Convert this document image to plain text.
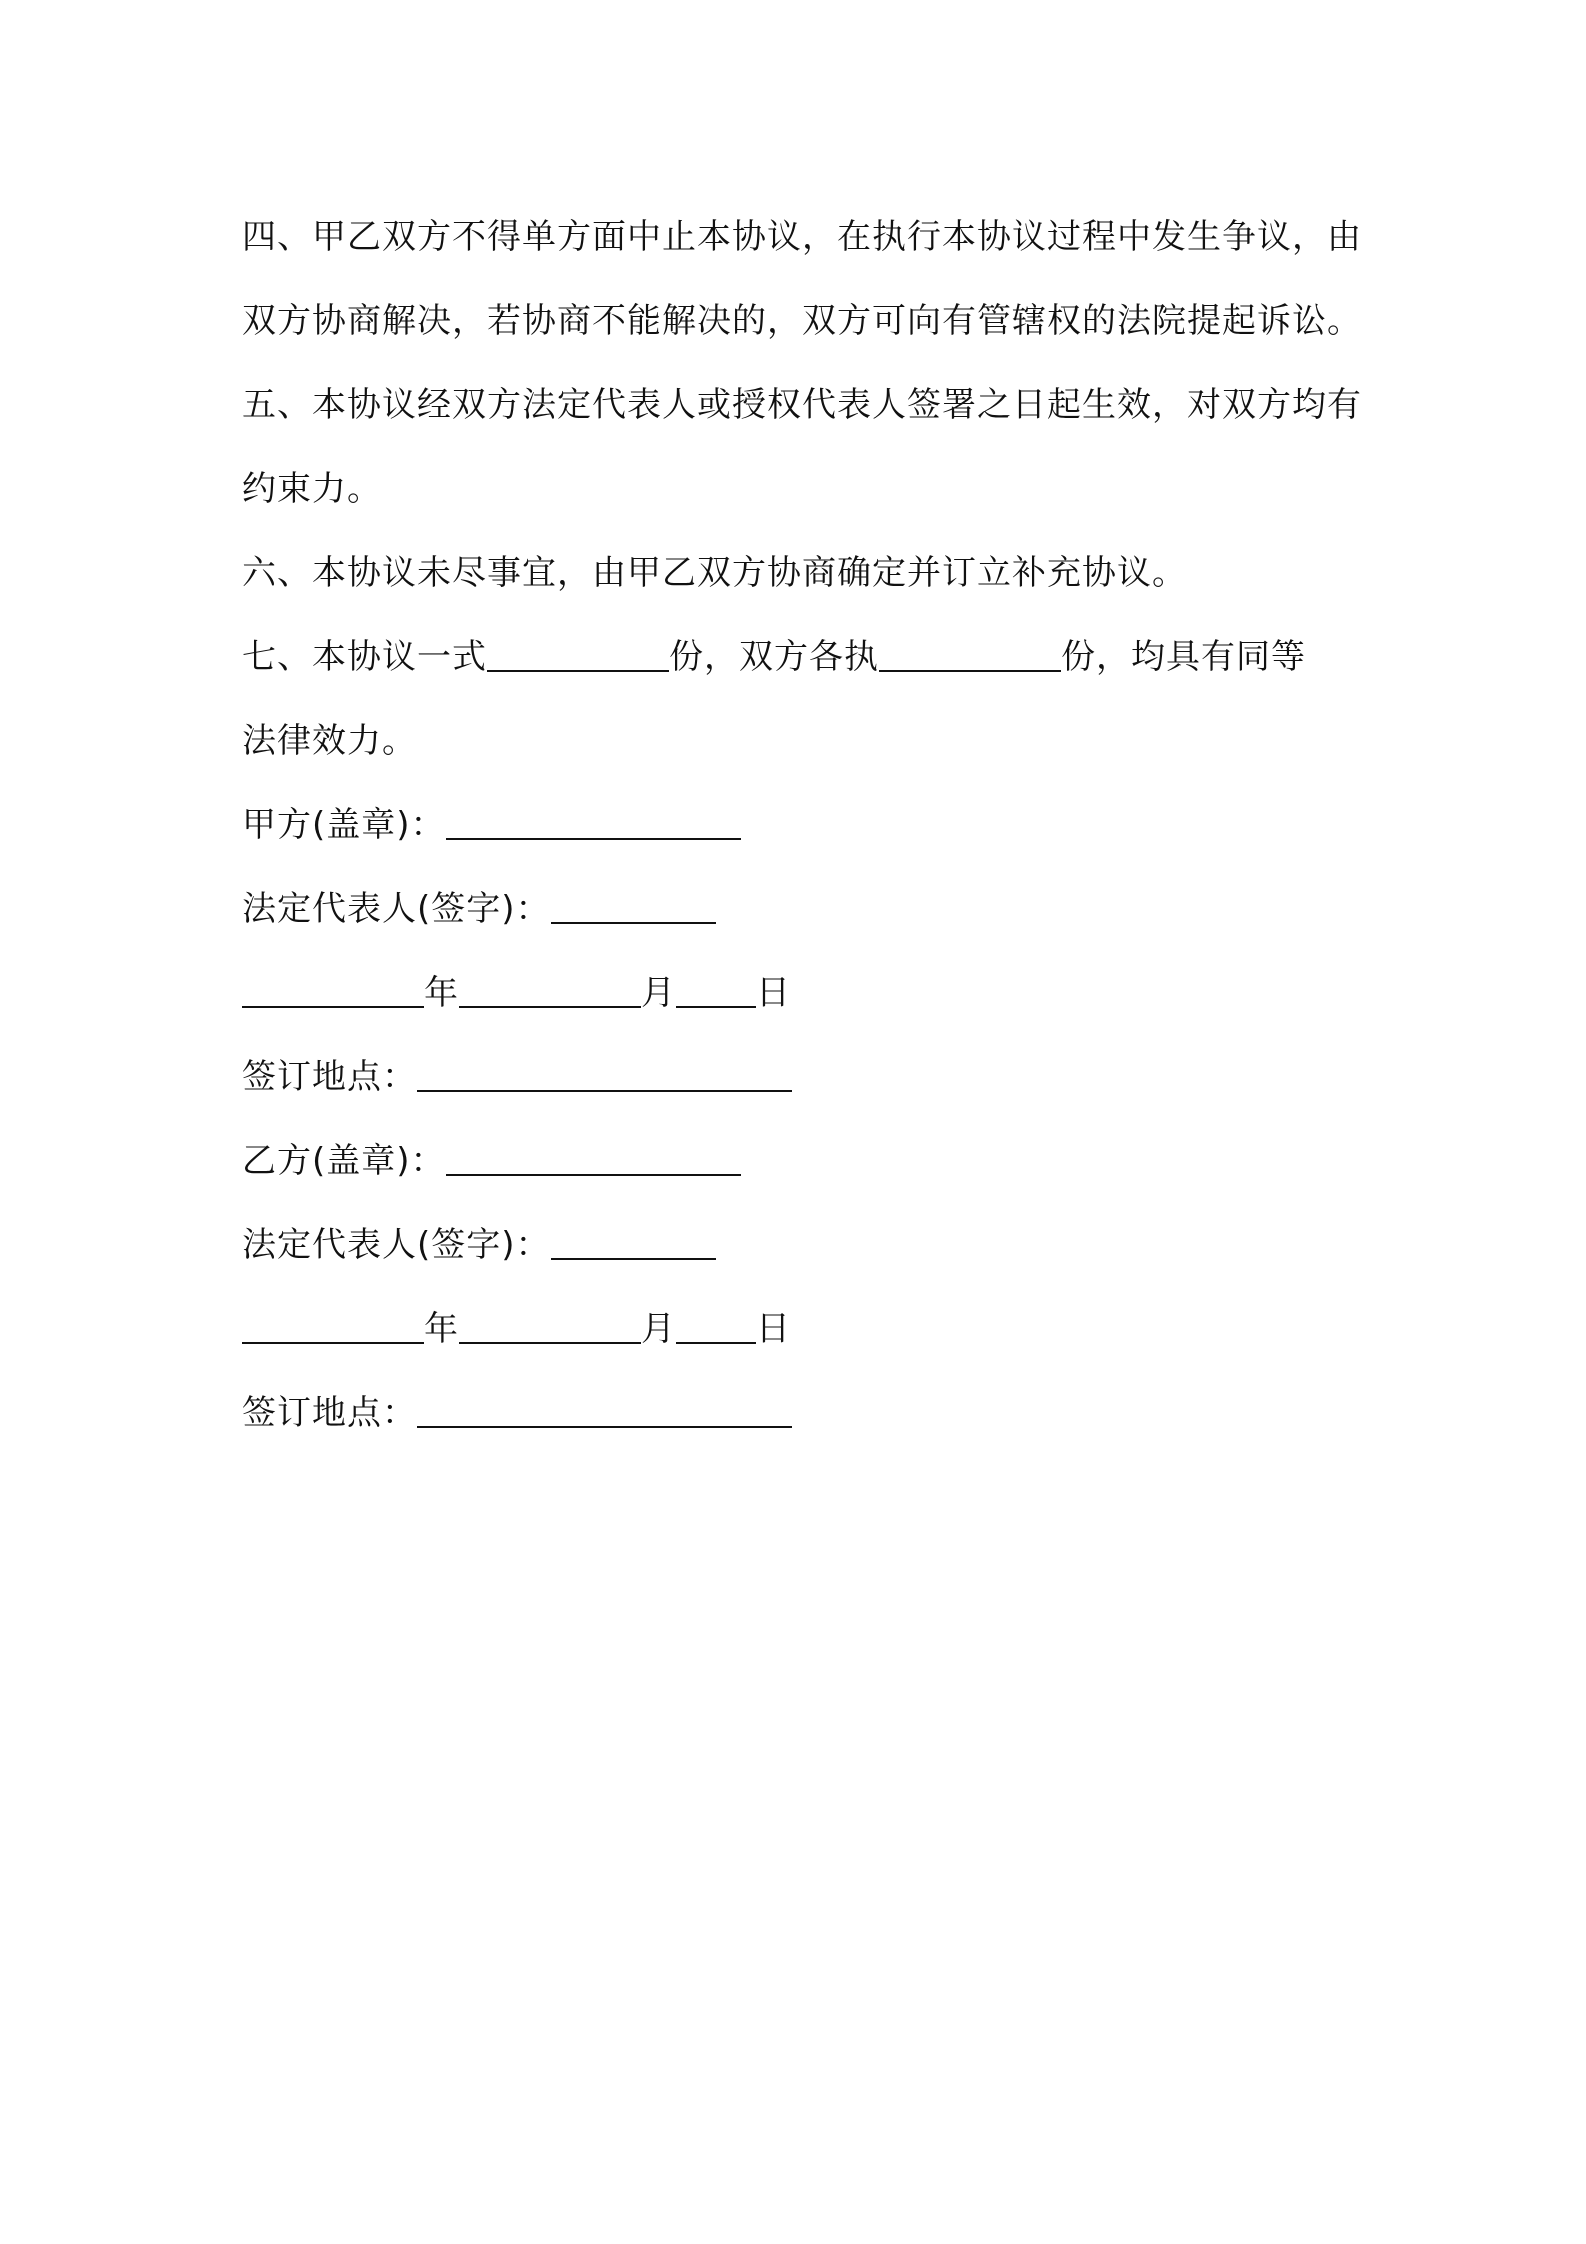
四、甲乙双方不得单方面中止本协议，在执行本协议过程中发生争议，由双方协商解决，若协商不能解决的，双方可向有管辖权的法院提起诉讼。

五、本协议经双方法定代表人或授权代表人签署之日起生效，对双方均有约束力。

六、本协议未尽事宜，由甲乙双方协商确定并订立补充协议。

七、本协议一式	份，双方各执	份，均具有同等

法律效力。

甲方(盖章)：

法定代表人(签字)：

年	月 日

签订地点：

乙方(盖章)：

法定代表人(签字)：

年	月 日

签订地点：
